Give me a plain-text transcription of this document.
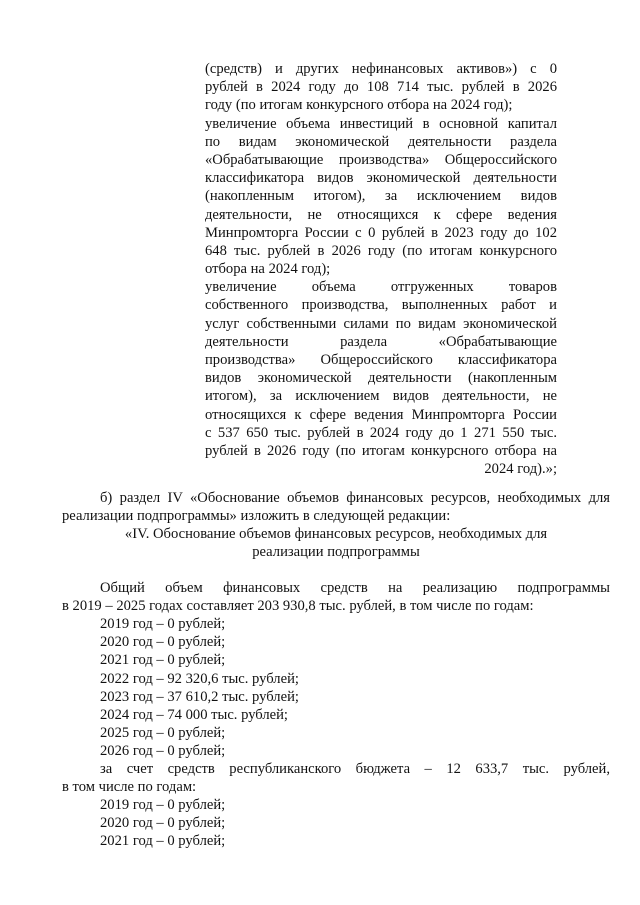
(средств) и других нефинансовых активов») с 0
рублей в 2024 году до 108 714 тыс. рублей в 2026
году (по итогам конкурсного отбора на 2024 год);
увеличение объема инвестиций в основной капитал
по видам экономической деятельности раздела
«Обрабатывающие производства» Общероссийского
классификатора видов экономической деятельности
(накопленным итогом), за исключением видов
деятельности, не относящихся к сфере ведения
Минпромторга России с 0 рублей в 2023 году до 102
648 тыс. рублей в 2026 году (по итогам конкурсного
отбора на 2024 год);
увеличение объема отгруженных товаров
собственного производства, выполненных работ и
услуг собственными силами по видам экономической
деятельности раздела «Обрабатывающие
производства» Общероссийского классификатора
видов экономической деятельности (накопленным
итогом), за исключением видов деятельности, не
относящихся к сфере ведения Минпромторга России
с 537 650 тыс. рублей в 2024 году до 1 271 550 тыс.
рублей в 2026 году (по итогам конкурсного отбора на
2024 год).»;
б) раздел IV «Обоснование объемов финансовых ресурсов, необходимых для
реализации подпрограммы» изложить в следующей редакции:
«IV. Обоснование объемов финансовых ресурсов, необходимых для
реализации подпрограммы
Общий объем финансовых средств на реализацию подпрограммы
в 2019 – 2025 годах составляет 203 930,8 тыс. рублей, в том числе по годам:
2019 год – 0 рублей;
2020 год – 0 рублей;
2021 год – 0 рублей;
2022 год – 92 320,6 тыс. рублей;
2023 год – 37 610,2 тыс. рублей;
2024 год – 74 000 тыс. рублей;
2025 год – 0 рублей;
2026 год – 0 рублей;
за счет средств республиканского бюджета – 12 633,7 тыс. рублей,
в том числе по годам:
2019 год – 0 рублей;
2020 год – 0 рублей;
2021 год – 0 рублей;
